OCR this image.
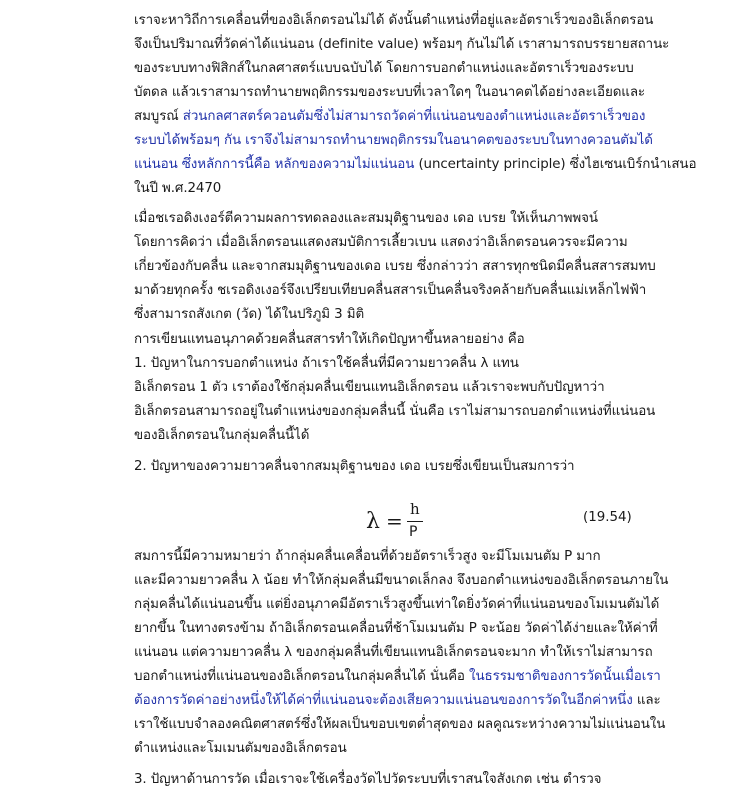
เราจะหาวิถีการเคลื่อนที่ของอิเล็กตรอนไม่ได้ ดังนั้นตำแหน่งที่อยู่และอัตราเร็วของอิเล็กตรอน
จึงเป็นปริมาณที่วัดค่าได้แน่นอน (definite value) พร้อมๆ กันไม่ได้ เราสามารถบรรยายสถานะ
ของระบบทางฟิสิกส์ในกลศาสตร์แบบฉบับได้ โดยการบอกตำแหน่งและอัตราเร็วของระบบ
บัตดล แล้วเราสามารถทำนายพฤติกรรมของระบบที่เวลาใดๆ ในอนาคตได้อย่างละเอียดและ
สมบูรณ์ ส่วนกลศาสตร์ควอนตัมซึ่งไม่สามารถวัดค่าที่แน่นอนของตำแหน่งและอัตราเร็วของ
ระบบได้พร้อมๆ กัน เราจึงไม่สามารถทำนายพฤติกรรมในอนาคตของระบบในทางควอนตัมได้
แน่นอน ซึ่งหลักการนี้คือ หลักของความไม่แน่นอน (uncertainty principle) ซึ่งไฮเซนเบิร์กนำเสนอ
ในปี พ.ศ.2470
เมื่อชเรอดิงเงอร์ตีความผลการทดลองและสมมุติฐานของ เดอ เบรย ให้เห็นภาพพจน์
โดยการคิดว่า เมื่ออิเล็กตรอนแสดงสมบัติการเลี้ยวเบน แสดงว่าอิเล็กตรอนควรจะมีความ
เกี่ยวข้องกับคลื่น และจากสมมุติฐานของเดอ เบรย ซึ่งกล่าวว่า สสารทุกชนิดมีคลื่นสสารสมทบ
มาด้วยทุกครั้ง ชเรอดิงเงอร์จึงเปรียบเทียบคลื่นสสารเป็นคลื่นจริงคล้ายกับคลื่นแม่เหล็กไฟฟ้า
ซึ่งสามารถสังเกต (วัด) ได้ในปริภูมิ 3 มิติ
การเขียนแทนอนุภาคด้วยคลื่นสสารทำให้เกิดปัญหาขึ้นหลายอย่าง คือ
1. ปัญหาในการบอกตำแหน่ง ถ้าเราใช้คลื่นที่มีความยาวคลื่น λ แทน
อิเล็กตรอน 1 ตัว เราต้องใช้กลุ่มคลื่นเขียนแทนอิเล็กตรอน แล้วเราจะพบกับปัญหาว่า
อิเล็กตรอนสามารถอยู่ในตำแหน่งของกลุ่มคลื่นนี้ นั่นคือ เราไม่สามารถบอกตำแหน่งที่แน่นอน
ของอิเล็กตรอนในกลุ่มคลื่นนี้ได้
2. ปัญหาของความยาวคลื่นจากสมมุติฐานของ เดอ เบรยซึ่งเขียนเป็นสมการว่า
สมการนี้มีความหมายว่า ถ้ากลุ่มคลื่นเคลื่อนที่ด้วยอัตราเร็วสูง จะมีโมเมนตัม P มาก
และมีความยาวคลื่น λ น้อย ทำให้กลุ่มคลื่นมีขนาดเล็กลง จึงบอกตำแหน่งของอิเล็กตรอนภายใน
กลุ่มคลื่นได้แน่นอนขึ้น แต่ยิ่งอนุภาคมีอัตราเร็วสูงขึ้นเท่าใดยิ่งวัดค่าที่แน่นอนของโมเมนตัมได้
ยากขึ้น ในทางตรงข้าม ถ้าอิเล็กตรอนเคลื่อนที่ช้าโมเมนตัม P จะน้อย วัดค่าได้ง่ายและให้ค่าที่
แน่นอน แต่ความยาวคลื่น λ ของกลุ่มคลื่นที่เขียนแทนอิเล็กตรอนจะมาก ทำให้เราไม่สามารถ
บอกตำแหน่งที่แน่นอนของอิเล็กตรอนในกลุ่มคลื่นได้ นั่นคือ ในธรรมชาติของการวัดนั้นเมื่อเรา
ต้องการวัดค่าอย่างหนึ่งให้ได้ค่าที่แน่นอนจะต้องเสียความแน่นอนของการวัดในอีกค่าหนึ่ง และ
เราใช้แบบจำลองคณิตศาสตร์ซึ่งให้ผลเป็นขอบเขตต่ำสุดของ ผลคูณระหว่างความไม่แน่นอนใน
ตำแหน่งและโมเมนตัมของอิเล็กตรอน
3. ปัญหาด้านการวัด เมื่อเราจะใช้เครื่องวัดไปวัดระบบที่เราสนใจสังเกต เช่น ตำรวจ
λ = h
P
(19.54)
